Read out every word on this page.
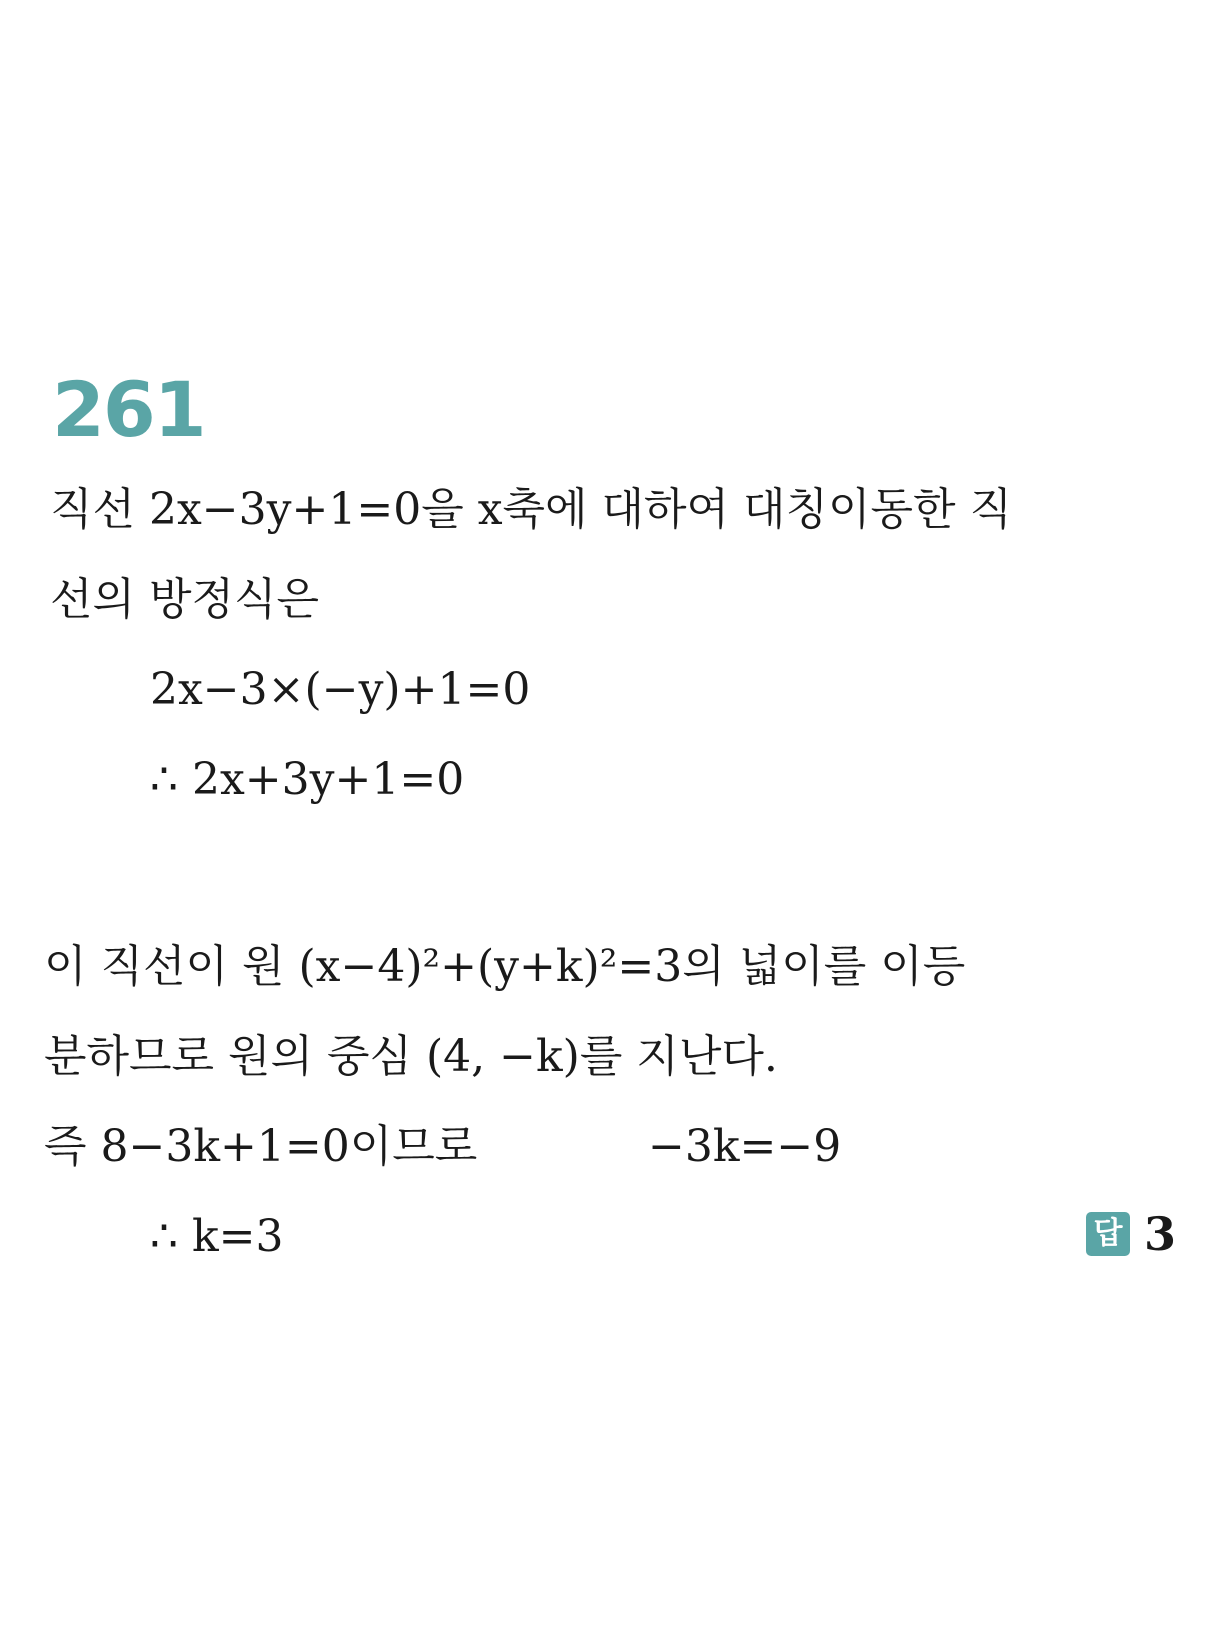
261
직선 2x−3y+1=0을 x축에 대하여 대칭이동한 직
선의 방정식은
2x−3×(−y)+1=0
∴ 2x+3y+1=0
이 직선이 원 (x−4)²+(y+k)²=3의 넓이를 이등
분하므로 원의 중심 (4, −k)를 지난다.
즉 8−3k+1=0이므로	−3k=−9
∴ k=3	답 3
